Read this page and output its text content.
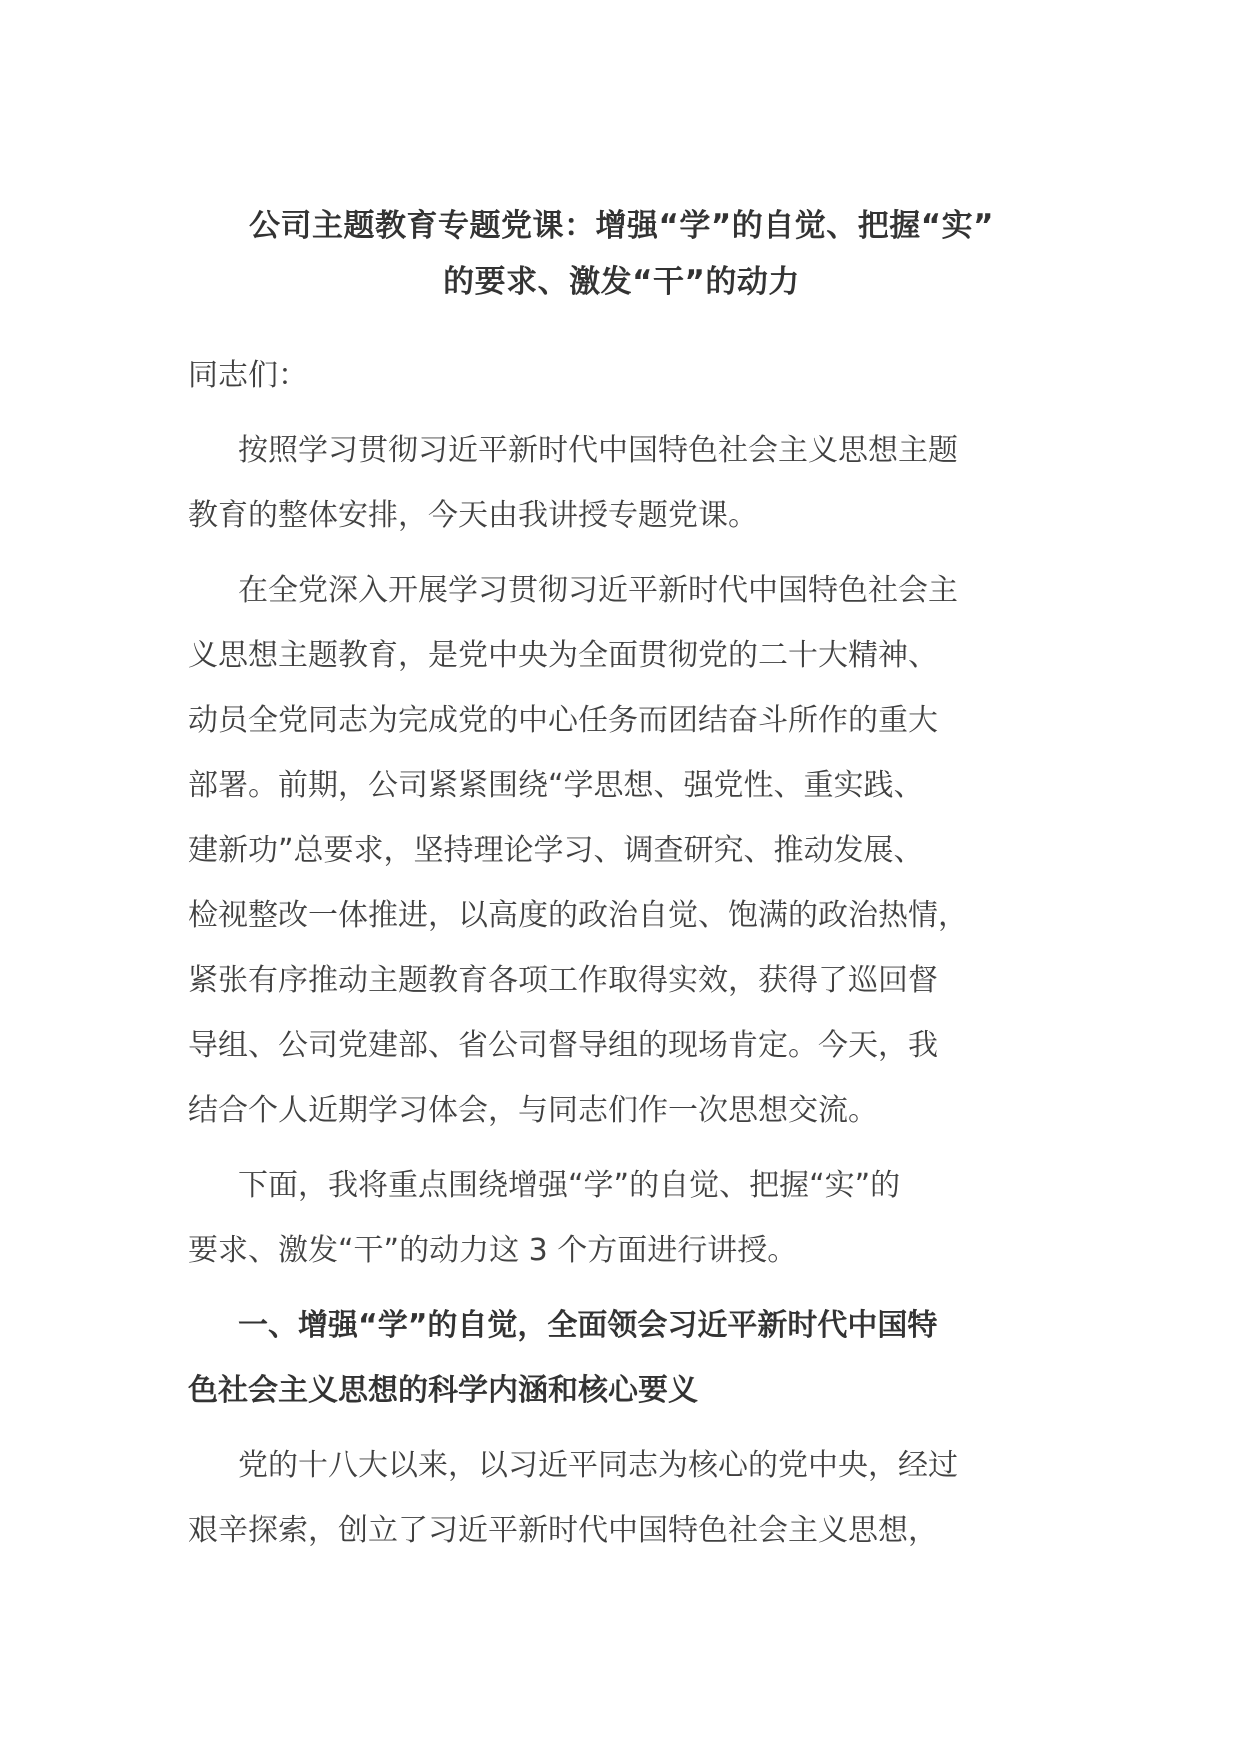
公司主题教育专题党课：增强“学”的自觉、把握“实”
的要求、激发“干”的动力
同志们：
按照学习贯彻习近平新时代中国特色社会主义思想主题
教育的整体安排，今天由我讲授专题党课。
在全党深入开展学习贯彻习近平新时代中国特色社会主
义思想主题教育，是党中央为全面贯彻党的二十大精神、
动员全党同志为完成党的中心任务而团结奋斗所作的重大
部署。前期，公司紧紧围绕“学思想、强党性、重实践、
建新功”总要求，坚持理论学习、调查研究、推动发展、
检视整改一体推进，以高度的政治自觉、饱满的政治热情，
紧张有序推动主题教育各项工作取得实效，获得了巡回督
导组、公司党建部、省公司督导组的现场肯定。今天，我
结合个人近期学习体会，与同志们作一次思想交流。
下面，我将重点围绕增强“学”的自觉、把握“实”的
要求、激发“干”的动力这 3 个方面进行讲授。
一、增强“学”的自觉，全面领会习近平新时代中国特
色社会主义思想的科学内涵和核心要义
党的十八大以来，以习近平同志为核心的党中央，经过
艰辛探索，创立了习近平新时代中国特色社会主义思想，
